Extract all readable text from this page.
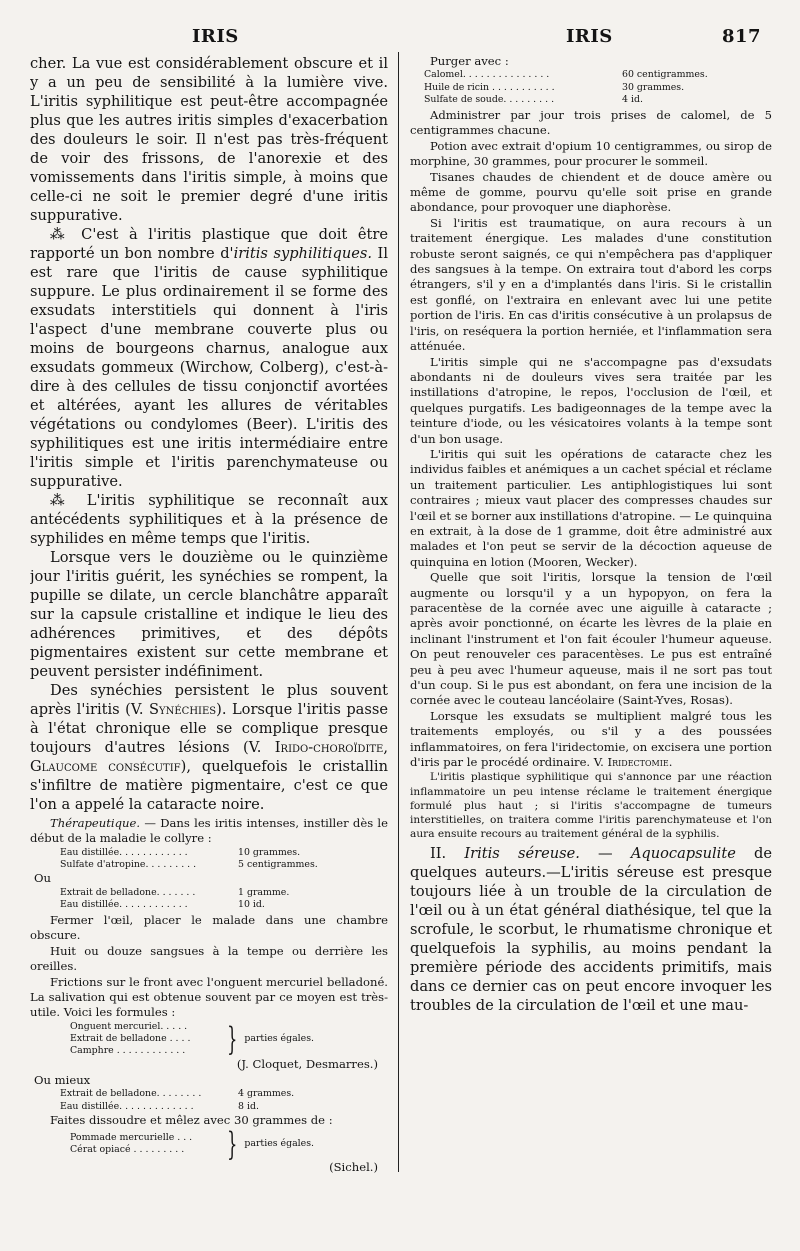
IRIS	IRIS	817

cher. La vue est considérablement obscure et il y a un peu de sensibilité à la lumière vive. L'iritis syphilitique est peut-être accompagnée plus que les autres iritis simples d'exacerbation des douleurs le soir. Il n'est pas très-fréquent de voir des frissons, de l'anorexie et des vomissements dans l'iritis simple, à moins que celle-ci ne soit le premier degré d'une iritis suppurative.

⁂ C'est à l'iritis plastique que doit être rapporté un bon nombre d'iritis syphilitiques. Il est rare que l'iritis de cause syphilitique suppure. Le plus ordinairement il se forme des exsudats interstitiels qui donnent à l'iris l'aspect d'une membrane couverte plus ou moins de bourgeons charnus, analogue aux exsudats gommeux (Wirchow, Colberg), c'est-à-dire à des cellules de tissu conjonctif avortées et altérées, ayant les allures de véritables végétations ou condylomes (Beer). L'iritis des syphilitiques est une iritis intermédiaire entre l'iritis simple et l'iritis parenchymateuse ou suppurative.

⁂ L'iritis syphilitique se reconnaît aux antécédents syphilitiques et à la présence de syphilides en même temps que l'iritis.

Lorsque vers le douzième ou le quinzième jour l'iritis guérit, les synéchies se rompent, la pupille se dilate, un cercle blanchâtre apparaît sur la capsule cristalline et indique le lieu des adhérences primitives, et des dépôts pigmentaires existent sur cette membrane et peuvent persister indéfiniment.

Des synéchies persistent le plus souvent après l'iritis (V. Synéchies). Lorsque l'iritis passe à l'état chronique elle se complique presque toujours d'autres lésions (V. Irido-choroïdite, Glaucome consécutif), quelquefois le cristallin s'infiltre de matière pigmentaire, c'est ce que l'on a appelé la cataracte noire.

Thérapeutique. — Dans les iritis intenses, instiller dès le début de la maladie le collyre :

Eau distillée. . . . . . . . . . . .	10 grammes.
Sulfate d'atropine. . . . . . . . .	5 centigrammes.
Ou
Extrait de belladone. . . . . . .	1 gramme.
Eau distillée. . . . . . . . . . . .	10 id.

Fermer l'œil, placer le malade dans une chambre obscure.

Huit ou douze sangsues à la tempe ou derrière les oreilles.

Frictions sur le front avec l'onguent mercuriel belladoné. La salivation qui est obtenue souvent par ce moyen est très-utile. Voici les formules :

Onguent mercuriel. . . . .
Extrait de belladone . . . .
Camphre . . . . . . . . . . . .	} parties égales.
(J. Cloquet, Desmarres.)
Ou mieux
Extrait de belladone. . . . . . . .	4 grammes.
Eau distillée. . . . . . . . . . . . .	8 id.

Faites dissoudre et mêlez avec 30 grammes de :

Pommade mercurielle . . .
Cérat opiacé . . . . . . . . .	} parties égales.
(Sichel.)

Purger avec :

Calomel. . . . . . . . . . . . . . .	60 centigrammes.
Huile de ricin . . . . . . . . . . .	30 grammes.
Sulfate de soude. . . . . . . . .	4 id.

Administrer par jour trois prises de calomel, de 5 centigrammes chacune.

Potion avec extrait d'opium 10 centigrammes, ou sirop de morphine, 30 grammes, pour procurer le sommeil.

Tisanes chaudes de chiendent et de douce amère ou même de gomme, pourvu qu'elle soit prise en grande abondance, pour provoquer une diaphorèse.

Si l'iritis est traumatique, on aura recours à un traitement énergique. Les malades d'une constitution robuste seront saignés, ce qui n'empêchera pas d'appliquer des sangsues à la tempe. On extraira tout d'abord les corps étrangers, s'il y en a d'implantés dans l'iris. Si le cristallin est gonflé, on l'extraira en enlevant avec lui une petite portion de l'iris. En cas d'iritis consécutive à un prolapsus de l'iris, on reséquera la portion herniée, et l'inflammation sera atténuée.

L'iritis simple qui ne s'accompagne pas d'exsudats abondants ni de douleurs vives sera traitée par les instillations d'atropine, le repos, l'occlusion de l'œil, et quelques purgatifs. Les badigeonnages de la tempe avec la teinture d'iode, ou les vésicatoires volants à la tempe sont d'un bon usage.

L'iritis qui suit les opérations de cataracte chez les individus faibles et anémiques a un cachet spécial et réclame un traitement particulier. Les antiphlogistiques lui sont contraires ; mieux vaut placer des compresses chaudes sur l'œil et se borner aux instillations d'atropine. — Le quinquina en extrait, à la dose de 1 gramme, doit être administré aux malades et l'on peut se servir de la décoction aqueuse de quinquina en lotion (Mooren, Wecker).

Quelle que soit l'iritis, lorsque la tension de l'œil augmente ou lorsqu'il y a un hypopyon, on fera la paracentèse de la cornée avec une aiguille à cataracte ; après avoir ponctionné, on écarte les lèvres de la plaie en inclinant l'instrument et l'on fait écouler l'humeur aqueuse. On peut renouveler ces paracentèses. Le pus est entraîné peu à peu avec l'humeur aqueuse, mais il ne sort pas tout d'un coup. Si le pus est abondant, on fera une incision de la cornée avec le couteau lancéolaire (Saint-Yves, Rosas).

Lorsque les exsudats se multiplient malgré tous les traitements employés, ou s'il y a des poussées inflammatoires, on fera l'iridectomie, on excisera une portion d'iris par le procédé ordinaire. V. Iridectomie.

L'iritis plastique syphilitique qui s'annonce par une réaction inflammatoire un peu intense réclame le traitement énergique formulé plus haut ; si l'iritis s'accompagne de tumeurs interstitielles, on traitera comme l'iritis parenchymateuse et l'on aura ensuite recours au traitement général de la syphilis.

II. Iritis séreuse. — Aquocapsulite de quelques auteurs.—L'iritis séreuse est presque toujours liée à un trouble de la circulation de l'œil ou à un état général diathésique, tel que la scrofule, le scorbut, le rhumatisme chronique et quelquefois la syphilis, au moins pendant la première période des accidents primitifs, mais dans ce dernier cas on peut encore invoquer les troubles de la circulation de l'œil et une mau-
